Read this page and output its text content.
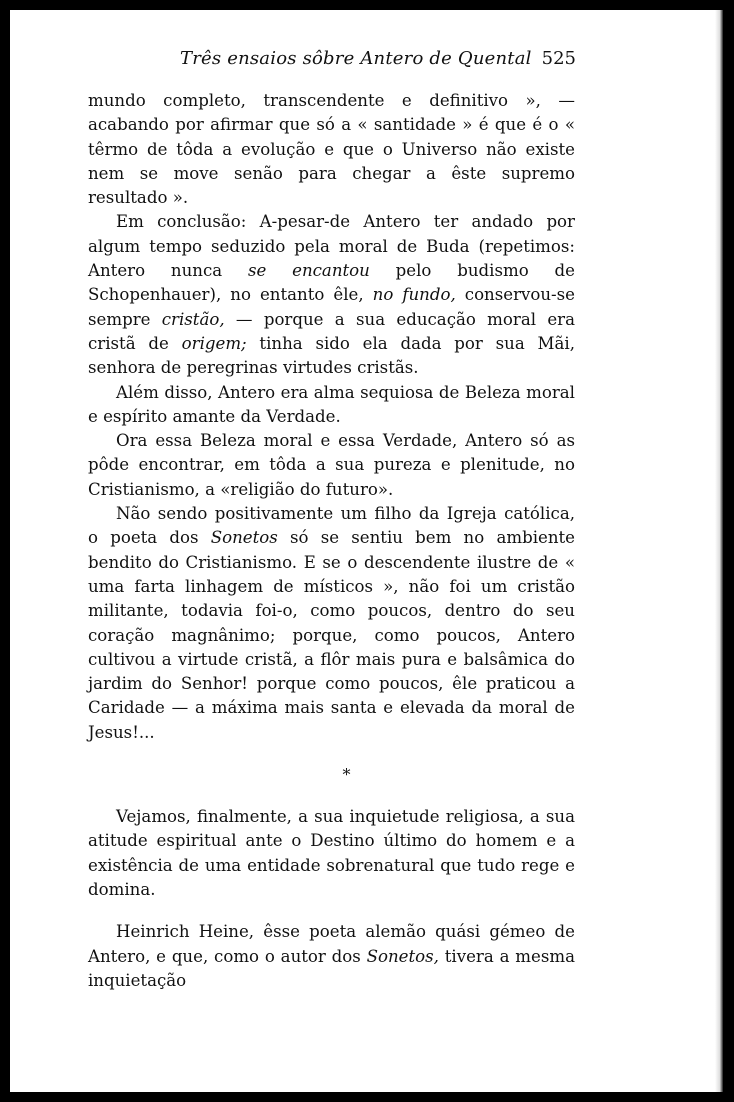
Três ensaios sôbre Antero de Quental 525

mundo completo, transcendente e definitivo », — acabando por afirmar que só a « santidade » é que é o « têrmo de tôda a evolução e que o Universo não existe nem se move senão para chegar a êste supremo resultado ».

Em conclusão: A-pesar-de Antero ter andado por algum tempo seduzido pela moral de Buda (repetimos: Antero nunca se encantou pelo budismo de Schopenhauer), no entanto êle, no fundo, conservou-se sempre cristão, — porque a sua educação moral era cristã de origem; tinha sido ela dada por sua Mãi, senhora de peregrinas virtudes cristãs.

Além disso, Antero era alma sequiosa de Beleza moral e espírito amante da Verdade.

Ora essa Beleza moral e essa Verdade, Antero só as pôde encontrar, em tôda a sua pureza e plenitude, no Cristianismo, a «religião do futuro».

Não sendo positivamente um filho da Igreja católica, o poeta dos Sonetos só se sentiu bem no ambiente bendito do Cristianismo. E se o descendente ilustre de « uma farta linhagem de místicos », não foi um cristão militante, todavia foi-o, como poucos, dentro do seu coração magnânimo; porque, como poucos, Antero cultivou a virtude cristã, a flôr mais pura e balsâmica do jardim do Senhor! porque como poucos, êle praticou a Caridade — a máxima mais santa e elevada da moral de Jesus!...

*

Vejamos, finalmente, a sua inquietude religiosa, a sua atitude espiritual ante o Destino último do homem e a existência de uma entidade sobrenatural que tudo rege e domina.

Heinrich Heine, êsse poeta alemão quási gémeo de Antero, e que, como o autor dos Sonetos, tivera a mesma inquietação
